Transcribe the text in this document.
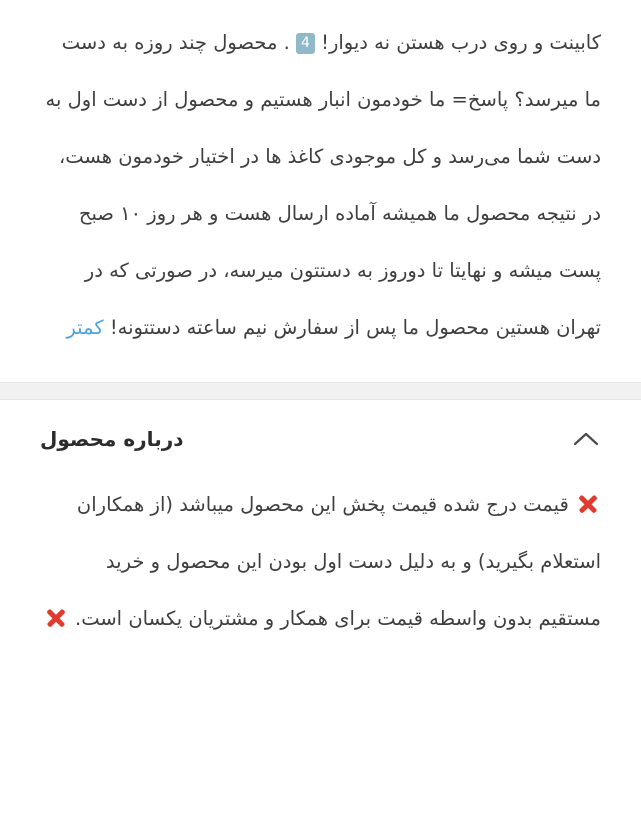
کابینت و روی درب هستن نه دیوار! 4 . محصول چند روزه به دست ما میرسد؟ پاسخ= ما خودمون انبار هستیم و محصول از دست اول به دست شما می‌رسد و کل موجودی کاغذ ها در اختیار خودمون هست، در نتیجه محصول ما همیشه آماده ارسال هست و هر روز ۱۰ صبح پست میشه و نهایتا تا دوروز به دستتون میرسه، در صورتی که در تهران هستین محصول ما پس از سفارش نیم ساعته دستتونه! کمتر
درباره محصول
قیمت درج شده قیمت پخش این محصول میباشد (از همکاران استعلام بگیرید) و به دلیل دست اول بودن این محصول و خرید مستقیم بدون واسطه قیمت برای همکار و مشتریان یکسان است.
